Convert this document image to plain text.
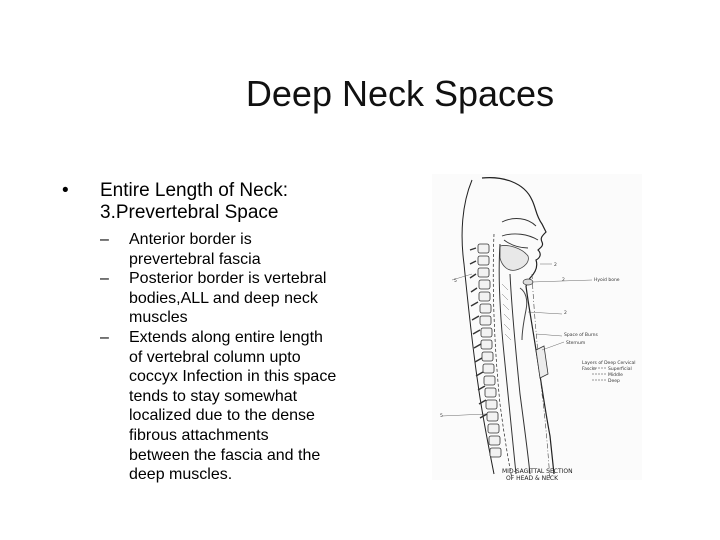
Deep Neck Spaces
• Entire Length of Neck:
3.Prevertebral Space
– Anterior border is
prevertebral fascia
– Posterior border is vertebral
bodies,ALL and deep neck
muscles
– Extends along entire length
of vertebral column upto
coccyx Infection in this space
tends to stay somewhat
localized due to the dense
fibrous attachments
between the fascia and the
deep muscles.
5	2
2
2
5
Hyoid bone
Space of Burns
Sternum
Layers of Deep Cervical
Fascia	Superficial
Middle
Deep
MID-SAGITTAL SECTION
OF HEAD & NECK
